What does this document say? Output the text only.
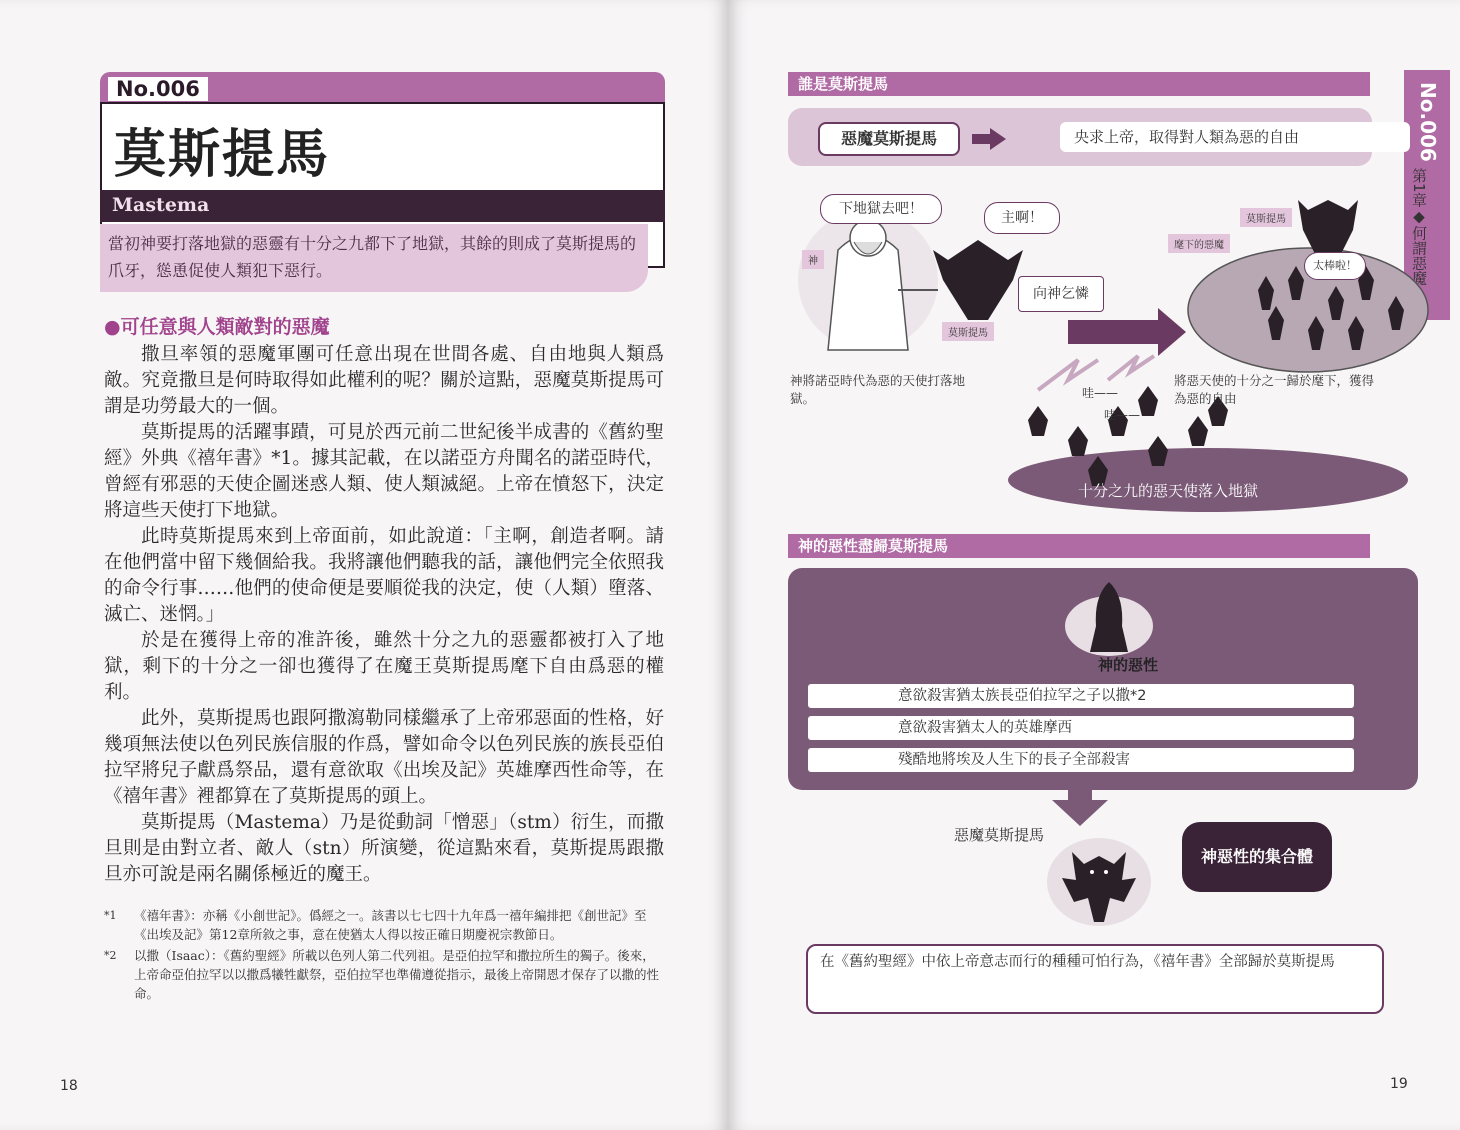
No.006
莫斯提馬
Mastema
當初神要打落地獄的惡靈有十分之九都下了地獄，其餘的則成了莫斯提馬的爪牙，慫恿促使人類犯下惡行。
●可任意與人類敵對的惡魔

撒旦率領的惡魔軍團可任意出現在世間各處、自由地與人類爲敵。究竟撒旦是何時取得如此權利的呢？關於這點，惡魔莫斯提馬可謂是功勞最大的一個。

莫斯提馬的活躍事蹟，可見於西元前二世紀後半成書的《舊約聖經》外典《禧年書》*1。據其記載，在以諾亞方舟聞名的諾亞時代，曾經有邪惡的天使企圖迷惑人類、使人類滅絕。上帝在憤怒下，決定將這些天使打下地獄。

此時莫斯提馬來到上帝面前，如此說道：「主啊，創造者啊。請在他們當中留下幾個給我。我將讓他們聽我的話，讓他們完全依照我的命令行事……他們的使命便是要順從我的決定，使（人類）墮落、滅亡、迷惘。」

於是在獲得上帝的准許後，雖然十分之九的惡靈都被打入了地獄，剩下的十分之一卻也獲得了在魔王莫斯提馬麾下自由爲惡的權利。

此外，莫斯提馬也跟阿撒瀉勒同樣繼承了上帝邪惡面的性格，好幾項無法使以色列民族信服的作爲，譬如命令以色列民族的族長亞伯拉罕將兒子獻爲祭品，還有意欲取《出埃及記》英雄摩西性命等，在《禧年書》裡都算在了莫斯提馬的頭上。

莫斯提馬（Mastema）乃是從動詞「憎惡」（stm）衍生，而撒旦則是由對立者、敵人（stn）所演變，從這點來看，莫斯提馬跟撒旦亦可說是兩名關係極近的魔王。

*1 《禧年書》：亦稱《小創世記》。僞經之一。該書以七七四十九年爲一禧年編排把《創世記》至《出埃及記》第12章所敘之事，意在使猶太人得以按正確日期慶祝宗教節日。
*2 以撒（Isaac）：《舊約聖經》所載以色列人第二代列祖。是亞伯拉罕和撒拉所生的獨子。後來，上帝命亞伯拉罕以以撒爲犧牲獻祭，亞伯拉罕也準備遵從指示，最後上帝開恩才保存了以撒的性命。
18
No.006
第1章◆何謂惡魔
誰是莫斯提馬
惡魔莫斯提馬	央求上帝，取得對人類為惡的自由
下地獄去吧！
神
主啊！
莫斯提馬
向神乞憐
麾下的惡魔
莫斯提馬
太棒啦！
神將諾亞時代為惡的天使打落地獄。
將惡天使的十分之一歸於麾下，獲得為惡的自由
哇——
哇——
十分之九的惡天使落入地獄
神的惡性盡歸莫斯提馬
神的惡性
意欲殺害猶太族長亞伯拉罕之子以撒*2
意欲殺害猶太人的英雄摩西
殘酷地將埃及人生下的長子全部殺害
惡魔莫斯提馬
神惡性的集合體
在《舊約聖經》中依上帝意志而行的種種可怕行為，《禧年書》全部歸於莫斯提馬
19
